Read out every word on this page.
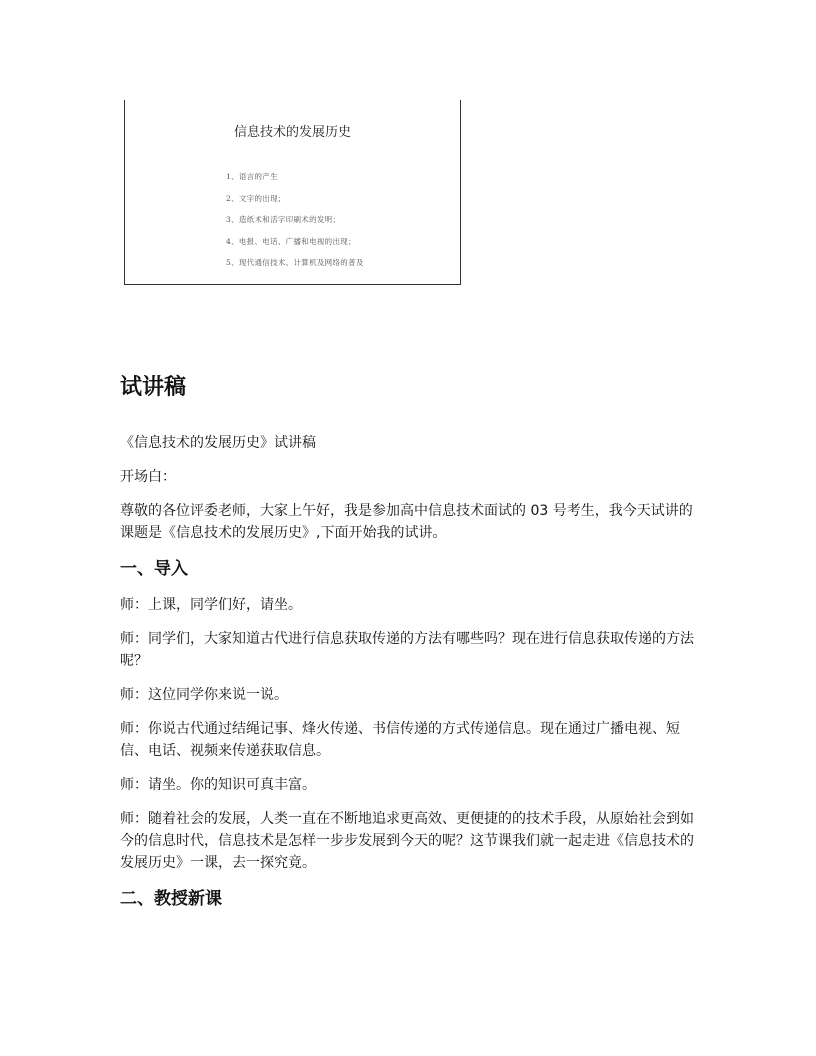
信息技术的发展历史
1、语言的产生
2、文字的出现；
3、造纸术和活字印刷术的发明；
4、电报、电话、广播和电视的出现；
5、现代通信技术、计算机及网络的普及
试讲稿

《信息技术的发展历史》试讲稿

开场白：

尊敬的各位评委老师，大家上午好，我是参加高中信息技术面试的 03 号考生，我今天试讲的课题是《信息技术的发展历史》,下面开始我的试讲。

一、导入

师：上课，同学们好，请坐。

师：同学们，大家知道古代进行信息获取传递的方法有哪些吗？现在进行信息获取传递的方法呢？

师：这位同学你来说一说。

师：你说古代通过结绳记事、烽火传递、书信传递的方式传递信息。现在通过广播电视、短信、电话、视频来传递获取信息。

师：请坐。你的知识可真丰富。

师：随着社会的发展，人类一直在不断地追求更高效、更便捷的的技术手段，从原始社会到如今的信息时代，信息技术是怎样一步步发展到今天的呢？这节课我们就一起走进《信息技术的发展历史》一课，去一探究竟。

二、教授新课
